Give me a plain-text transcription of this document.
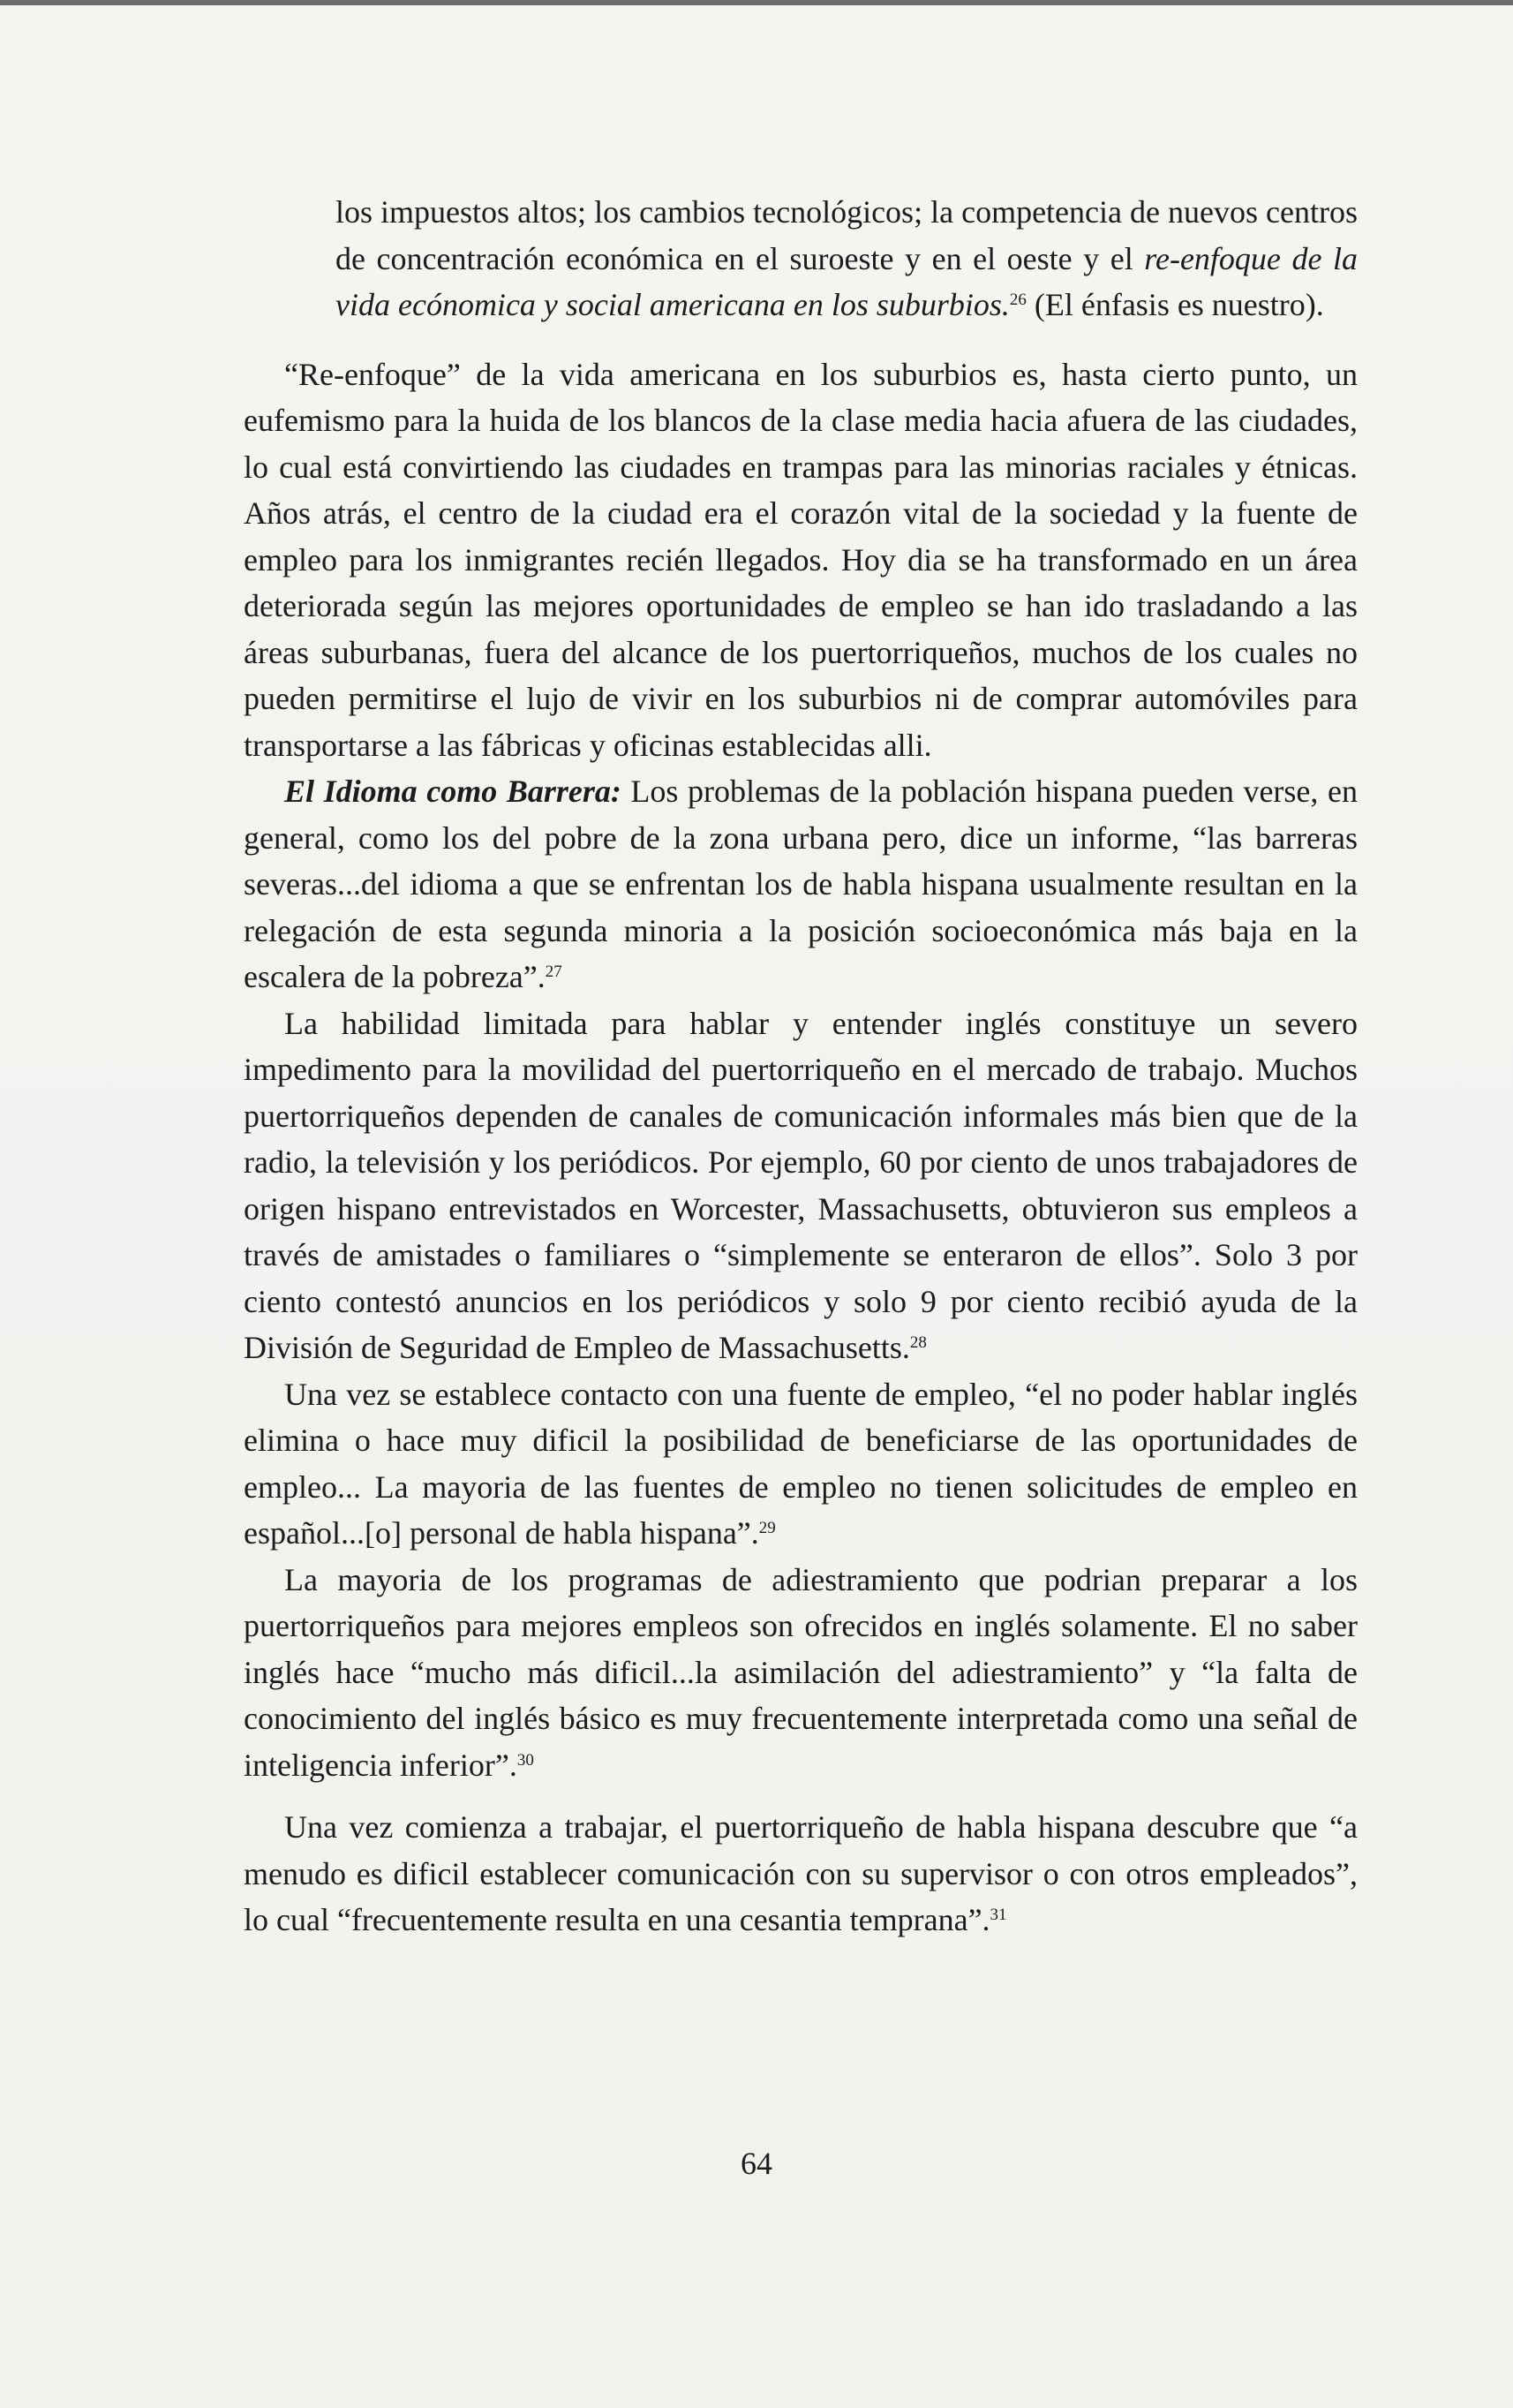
los impuestos altos; los cambios tecnológicos; la competencia de nuevos centros de concentración económica en el suroeste y en el oeste y el re-enfoque de la vida ecónomica y social americana en los suburbios.$^{26}$ (El énfasis es nuestro).

“Re-enfoque” de la vida americana en los suburbios es, hasta cierto punto, un eufemismo para la huida de los blancos de la clase media hacia afuera de las ciudades, lo cual está convirtiendo las ciudades en trampas para las minorias raciales y étnicas. Años atrás, el centro de la ciudad era el corazón vital de la sociedad y la fuente de empleo para los inmigrantes recién llegados. Hoy dia se ha transformado en un área deteriorada según las mejores oportunidades de empleo se han ido trasladando a las áreas suburbanas, fuera del alcance de los puertorriqueños, muchos de los cuales no pueden permitirse el lujo de vivir en los suburbios ni de comprar automóviles para transportarse a las fábricas y oficinas establecidas alli.

El Idioma como Barrera: Los problemas de la población hispana pueden verse, en general, como los del pobre de la zona urbana pero, dice un informe, “las barreras severas...del idioma a que se enfrentan los de habla hispana usualmente resultan en la relegación de esta segunda minoria a la posición socioeconómica más baja en la escalera de la pobreza”.$^{27}$

La habilidad limitada para hablar y entender inglés constituye un severo impedimento para la movilidad del puertorriqueño en el mercado de trabajo. Muchos puertorriqueños dependen de canales de comunicación informales más bien que de la radio, la televisión y los periódicos. Por ejemplo, 60 por ciento de unos trabajadores de origen hispano entrevistados en Worcester, Massachusetts, obtuvieron sus empleos a través de amistades o familiares o “simplemente se enteraron de ellos”. Solo 3 por ciento contestó anuncios en los periódicos y solo 9 por ciento recibió ayuda de la División de Seguridad de Empleo de Massachusetts.$^{28}$

Una vez se establece contacto con una fuente de empleo, “el no poder hablar inglés elimina o hace muy dificil la posibilidad de beneficiarse de las oportunidades de empleo... La mayoria de las fuentes de empleo no tienen solicitudes de empleo en español...[o] personal de habla hispana”.$^{29}$

La mayoria de los programas de adiestramiento que podrian preparar a los puertorriqueños para mejores empleos son ofrecidos en inglés solamente. El no saber inglés hace “mucho más dificil...la asimilación del adiestramiento” y “la falta de conocimiento del inglés básico es muy frecuentemente interpretada como una señal de inteligencia inferior”.$^{30}$

Una vez comienza a trabajar, el puertorriqueño de habla hispana descubre que “a menudo es dificil establecer comunicación con su supervisor o con otros empleados”, lo cual “frecuentemente resulta en una cesantia temprana”.$^{31}$

64
